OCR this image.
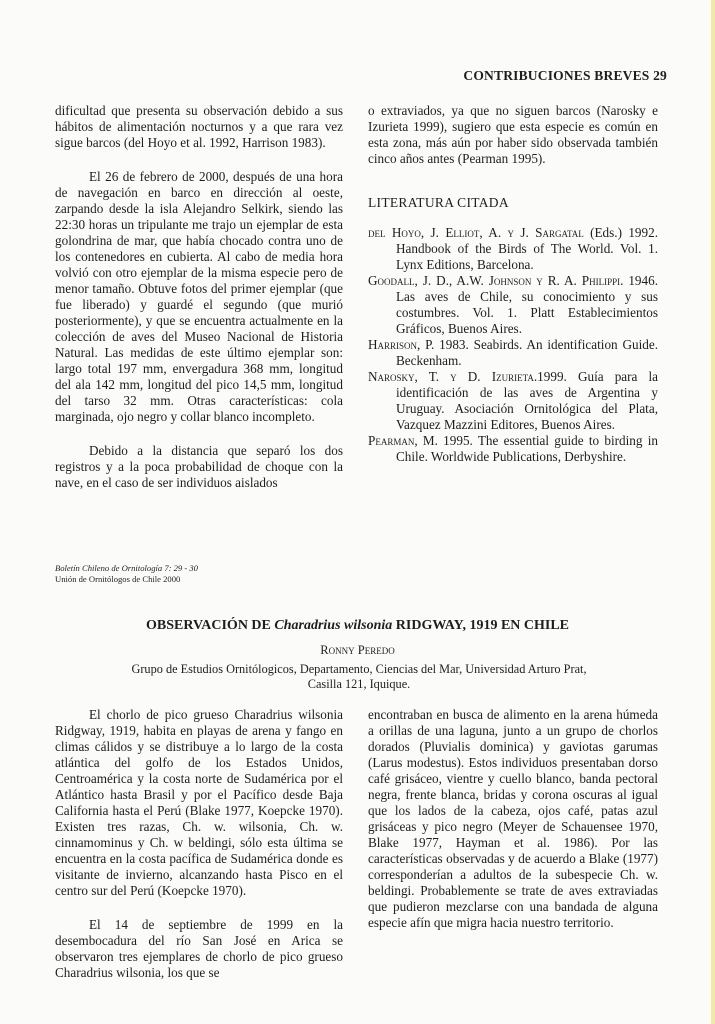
CONTRIBUCIONES BREVES 29

dificultad que presenta su observación debido a sus hábitos de alimentación nocturnos y a que rara vez sigue barcos (del Hoyo et al. 1992, Harrison 1983).

El 26 de febrero de 2000, después de una hora de navegación en barco en dirección al oeste, zarpando desde la isla Alejandro Selkirk, siendo las 22:30 horas un tripulante me trajo un ejemplar de esta golondrina de mar, que había chocado contra uno de los contenedores en cubierta. Al cabo de media hora volvió con otro ejemplar de la misma especie pero de menor tamaño. Obtuve fotos del primer ejemplar (que fue liberado) y guardé el segundo (que murió posteriormente), y que se encuentra actualmente en la colección de aves del Museo Nacional de Historia Natural. Las medidas de este último ejemplar son: largo total 197 mm, envergadura 368 mm, longitud del ala 142 mm, longitud del pico 14,5 mm, longitud del tarso 32 mm. Otras características: cola marginada, ojo negro y collar blanco incompleto.

Debido a la distancia que separó los dos registros y a la poca probabilidad de choque con la nave, en el caso de ser individuos aislados

o extraviados, ya que no siguen barcos (Narosky e Izurieta 1999), sugiero que esta especie es común en esta zona, más aún por haber sido observada también cinco años antes (Pearman 1995).

LITERATURA CITADA
del Hoyo, J. Elliot, A. y J. Sargatal (Eds.) 1992. Handbook of the Birds of The World. Vol. 1. Lynx Editions, Barcelona.
Goodall, J. D., A.W. Johnson y R. A. Philippi. 1946. Las aves de Chile, su conocimiento y sus costumbres. Vol. 1. Platt Establecimientos Gráficos, Buenos Aires.
Harrison, P. 1983. Seabirds. An identification Guide. Beckenham.
Narosky, T. y D. Izurieta.1999. Guía para la identificación de las aves de Argentina y Uruguay. Asociación Ornitológica del Plata, Vazquez Mazzini Editores, Buenos Aires.
Pearman, M. 1995. The essential guide to birding in Chile. Worldwide Publications, Derbyshire.
Boletín Chileno de Ornitología 7: 29 - 30
Unión de Ornitólogos de Chile 2000
OBSERVACIÓN DE Charadrius wilsonia RIDGWAY, 1919 EN CHILE
Ronny Peredo
Grupo de Estudios Ornitólogicos, Departamento, Ciencias del Mar, Universidad Arturo Prat,
Casilla 121, Iquique.

El chorlo de pico grueso Charadrius wilsonia Ridgway, 1919, habita en playas de arena y fango en climas cálidos y se distribuye a lo largo de la costa atlántica del golfo de los Estados Unidos, Centroamérica y la costa norte de Sudamérica por el Atlántico hasta Brasil y por el Pacífico desde Baja California hasta el Perú (Blake 1977, Koepcke 1970). Existen tres razas, Ch. w. wilsonia, Ch. w. cinnamominus y Ch. w beldingi, sólo esta última se encuentra en la costa pacífica de Sudamérica donde es visitante de invierno, alcanzando hasta Pisco en el centro sur del Perú (Koepcke 1970).

El 14 de septiembre de 1999 en la desembocadura del río San José en Arica se observaron tres ejemplares de chorlo de pico grueso Charadrius wilsonia, los que se

encontraban en busca de alimento en la arena húmeda a orillas de una laguna, junto a un grupo de chorlos dorados (Pluvialis dominica) y gaviotas garumas (Larus modestus). Estos individuos presentaban dorso café grisáceo, vientre y cuello blanco, banda pectoral negra, frente blanca, bridas y corona oscuras al igual que los lados de la cabeza, ojos café, patas azul grisáceas y pico negro (Meyer de Schauensee 1970, Blake 1977, Hayman et al. 1986). Por las características observadas y de acuerdo a Blake (1977) corresponderían a adultos de la subespecie Ch. w. beldingi. Probablemente se trate de aves extraviadas que pudieron mezclarse con una bandada de alguna especie afín que migra hacia nuestro territorio.
